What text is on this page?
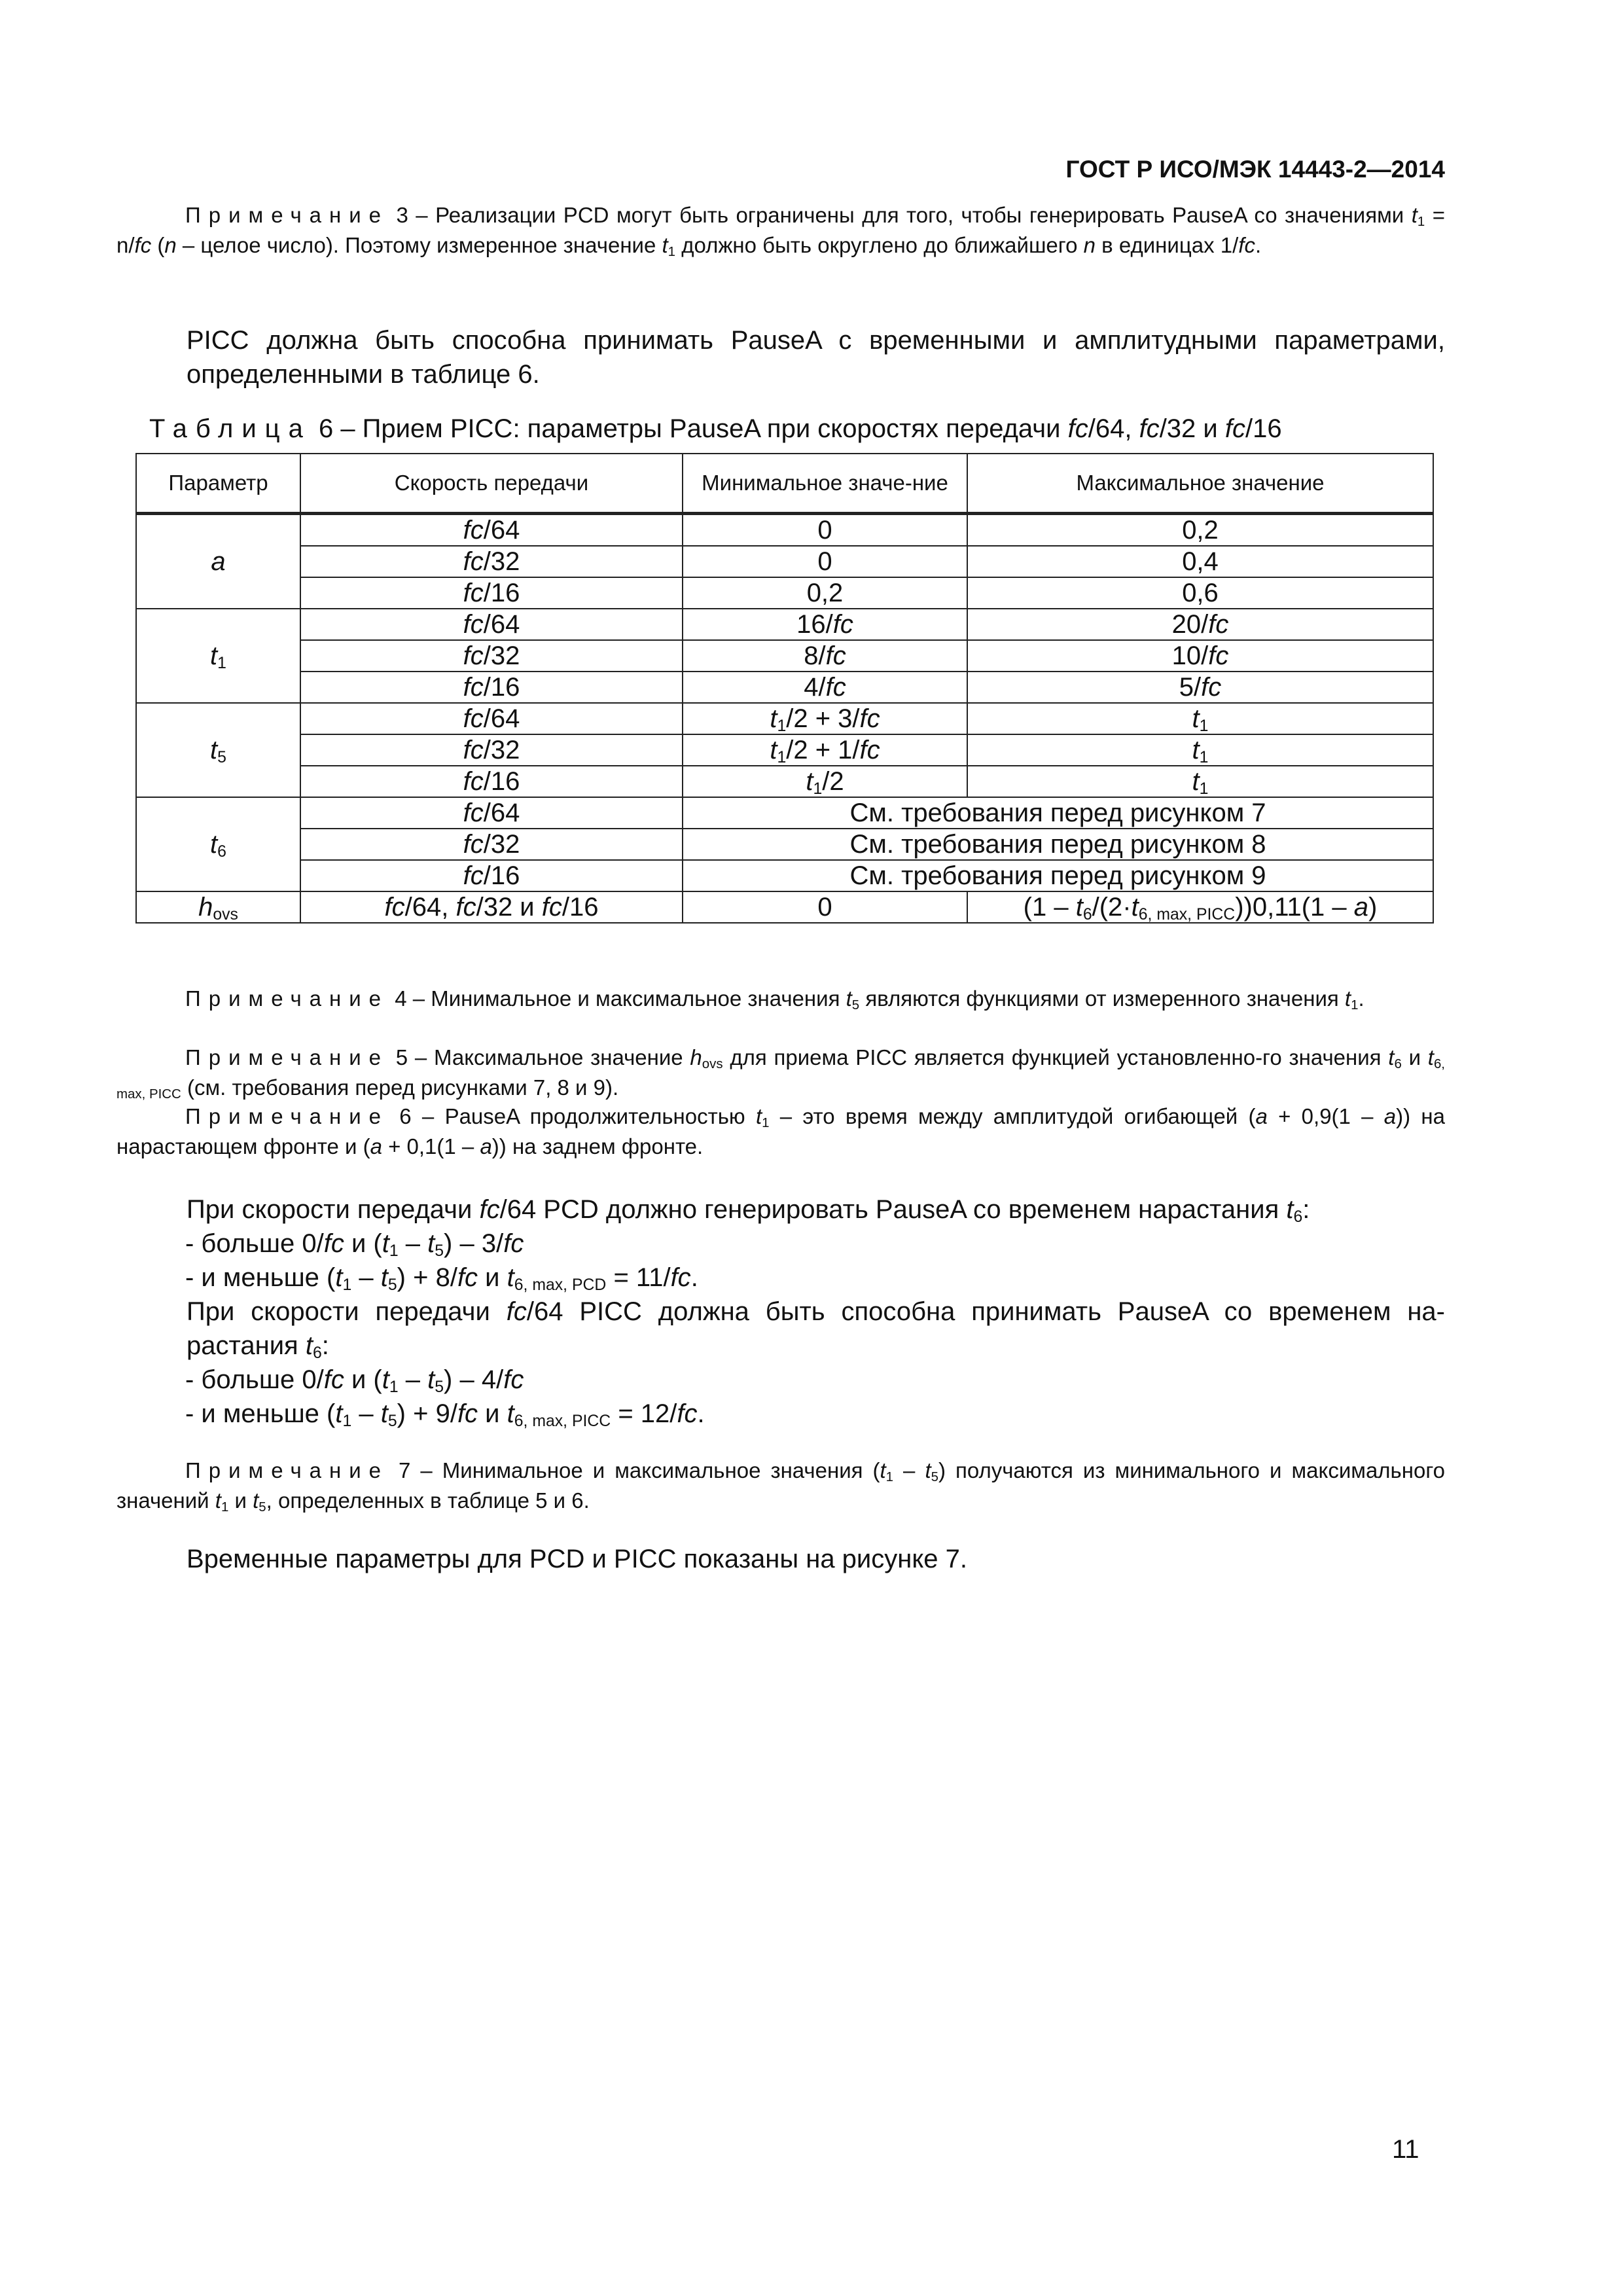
ГОСТ Р ИСО/МЭК 14443-2—2014

Примечание 3 – Реализации PCD могут быть ограничены для того, чтобы генерировать PauseA со значениями $t_1 = n/fc$ (n – целое число). Поэтому измеренное значение $t_1$ должно быть округлено до ближайшего n в единицах 1/fc.

PICC должна быть способна принимать PauseA с временными и амплитудными параметрами, определенными в таблице 6.

Таблица 6 – Прием PICC: параметры PauseA при скоростях передачи fc/64, fc/32 и fc/16

Параметр	Скорость передачи	Минимальное значе-ние	Максимальное значение
a	fc/64	0	0,2
	fc/32	0	0,4
	fc/16	0,2	0,6
$t_1$	fc/64	16/fc	20/fc
	fc/32	8/fc	10/fc
	fc/16	4/fc	5/fc
$t_5$	fc/64	$t_1/2 + 3/fc$	$t_1$
	fc/32	$t_1/2 + 1/fc$	$t_1$
	fc/16	$t_1/2$	$t_1$
$t_6$	fc/64	См. требования перед рисунком 7	
	fc/32	См. требования перед рисунком 8	
	fc/16	См. требования перед рисунком 9	
$h_{ovs}$	fc/64, fc/32 и fc/16	0	$(1 - t_6/(2\cdot t_{6, max, PICC}))0,11(1 - a)$

Примечание 4 – Минимальное и максимальное значения $t_5$ являются функциями от измеренного значения $t_1$.

Примечание 5 – Максимальное значение $h_{ovs}$ для приема PICC является функцией установленно-го значения $t_6$ и $t_{6, max, PICC}$ (см. требования перед рисунками 7, 8 и 9).

Примечание 6 – PauseA продолжительностью $t_1$ – это время между амплитудой огибающей (a + 0,9(1 – a)) на нарастающем фронте и (a + 0,1(1 – a)) на заднем фронте.

При скорости передачи fc/64 PCD должно генерировать PauseA со временем нарастания $t_6$:

- больше 0/fc и $(t_1 - t_5) - 3/fc$

- и меньше $(t_1 - t_5) + 8/fc$ и $t_{6, max, PCD} = 11/fc$.

При скорости передачи fc/64 PICC должна быть способна принимать PauseA со временем на-растания $t_6$:

- больше 0/fc и $(t_1 - t_5) - 4/fc$

- и меньше $(t_1 - t_5) + 9/fc$ и $t_{6, max, PICC} = 12/fc$.

Примечание 7 – Минимальное и максимальное значения $(t_1 - t_5)$ получаются из минимального и максимального значений $t_1$ и $t_5$, определенных в таблице 5 и 6.

Временные параметры для PCD и PICC показаны на рисунке 7.

11
